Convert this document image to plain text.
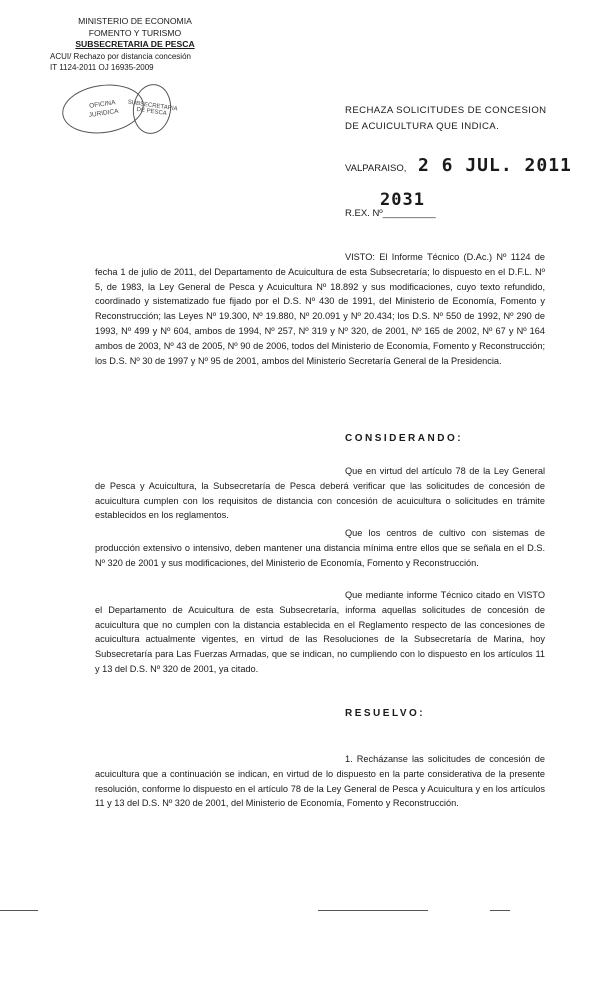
MINISTERIO DE ECONOMIA
FOMENTO Y TURISMO
SUBSECRETARIA DE PESCA
ACUI/ Rechazo por distancia concesión
IT 1124-2011 OJ 16935-2009
OFICINA
JURIDICA
SUBSECRETARIA DE PESCA	RECHAZA SOLICITUDES DE CONCESION DE ACUICULTURA QUE INDICA.
VALPARAISO, 2 6 JUL. 2011
2031
R.EX. Nº__________
VISTO: El Informe Técnico (D.Ac.) Nº 1124 de fecha 1 de julio de 2011, del Departamento de Acuicultura de esta Subsecretaría; lo dispuesto en el D.F.L. Nº 5, de 1983, la Ley General de Pesca y Acuicultura Nº 18.892 y sus modificaciones, cuyo texto refundido, coordinado y sistematizado fue fijado por el D.S. Nº 430 de 1991, del Ministerio de Economía, Fomento y Reconstrucción; las Leyes Nº 19.300, Nº 19.880, Nº 20.091 y Nº 20.434; los D.S. Nº 550 de 1992, Nº 290 de 1993, Nº 499 y Nº 604, ambos de 1994, Nº 257, Nº 319 y Nº 320, de 2001, Nº 165 de 2002, Nº 67 y Nº 164 ambos de 2003, Nº 43 de 2005, Nº 90 de 2006, todos del Ministerio de Economía, Fomento y Reconstrucción; los D.S. Nº 30 de 1997 y Nº 95 de 2001, ambos del Ministerio Secretaría General de la Presidencia.
CONSIDERANDO:
Que en virtud del artículo 78 de la Ley General de Pesca y Acuicultura, la Subsecretaría de Pesca deberá verificar que las solicitudes de concesión de acuicultura cumplen con los requisitos de distancia con concesión de acuicultura o solicitudes en trámite establecidos en los reglamentos.
Que los centros de cultivo con sistemas de producción extensivo o intensivo, deben mantener una distancia mínima entre ellos que se señala en el D.S. Nº 320 de 2001 y sus modificaciones, del Ministerio de Economía, Fomento y Reconstrucción.
Que mediante informe Técnico citado en VISTO el Departamento de Acuicultura de esta Subsecretaría, informa aquellas solicitudes de concesión de acuicultura que no cumplen con la distancia establecida en el Reglamento respecto de las concesiones de acuicultura actualmente vigentes, en virtud de las Resoluciones de la Subsecretaría de Marina, hoy Subsecretaría para Las Fuerzas Armadas, que se indican, no cumpliendo con lo dispuesto en los artículos 11 y 13 del D.S. Nº 320 de 2001, ya citado.
RESUELVO:
1. Recházanse las solicitudes de concesión de acuicultura que a continuación se indican, en virtud de lo dispuesto en la parte considerativa de la presente resolución, conforme lo dispuesto en el artículo 78 de la Ley General de Pesca y Acuicultura y en los artículos 11 y 13 del D.S. Nº 320 de 2001, del Ministerio de Economía, Fomento y Reconstrucción.
